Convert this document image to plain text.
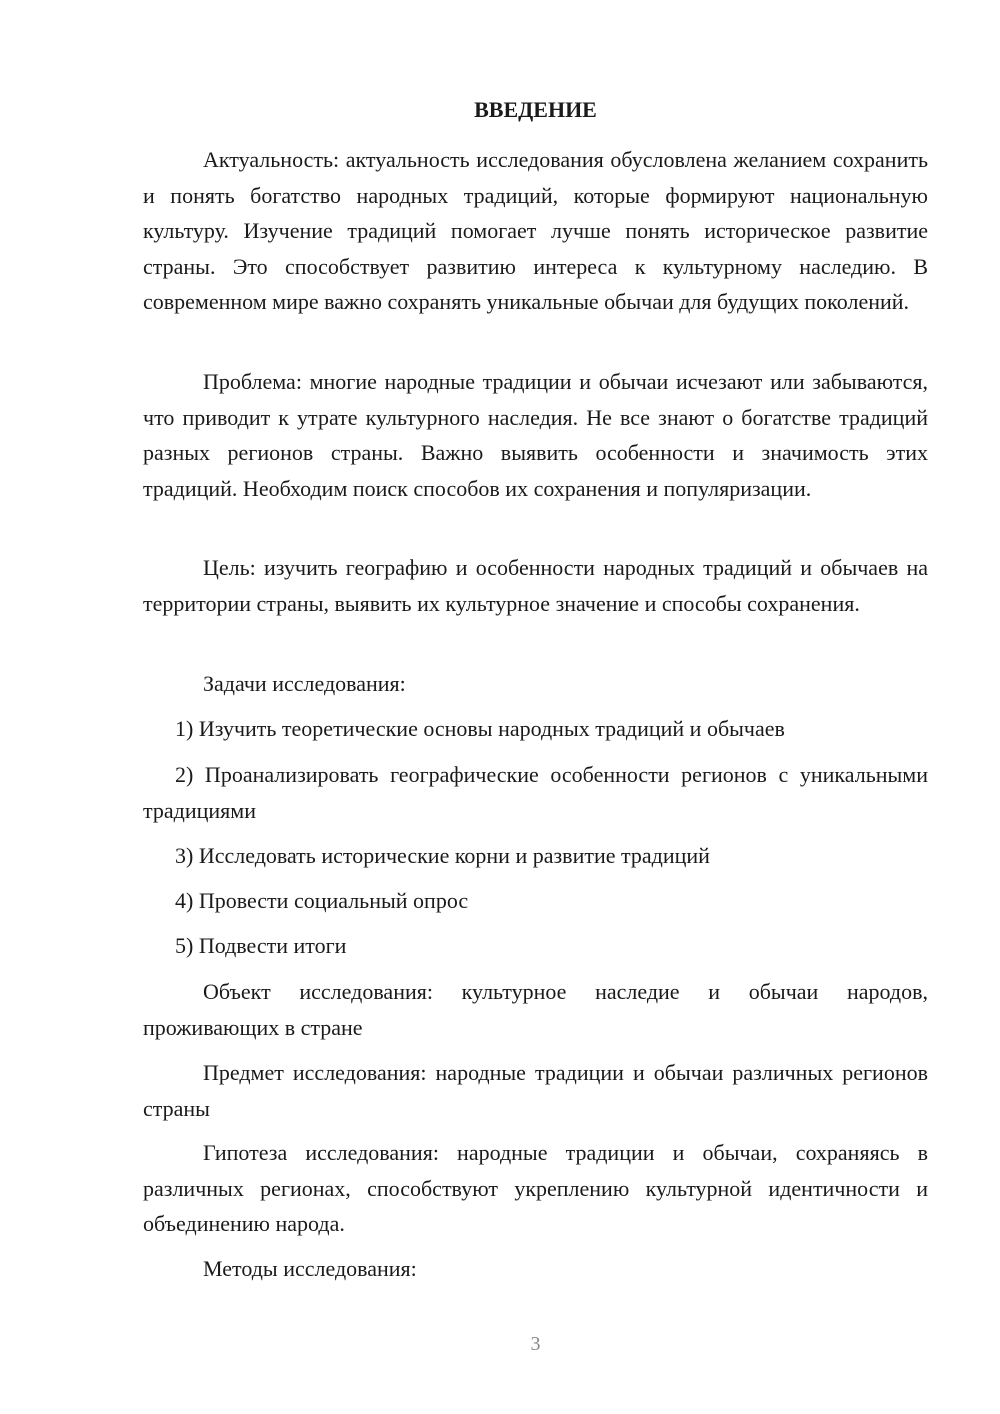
ВВЕДЕНИЕ

Актуальность: актуальность исследования обусловлена желанием сохранить и понять богатство народных традиций, которые формируют национальную культуру. Изучение традиций помогает лучше понять историческое развитие страны. Это способствует развитию интереса к культурному наследию. В современном мире важно сохранять уникальные обычаи для будущих поколений.

Проблема: многие народные традиции и обычаи исчезают или забываются, что приводит к утрате культурного наследия. Не все знают о богатстве традиций разных регионов страны. Важно выявить особенности и значимость этих традиций. Необходим поиск способов их сохранения и популяризации.

Цель: изучить географию и особенности народных традиций и обычаев на территории страны, выявить их культурное значение и способы сохранения.

Задачи исследования:

1) Изучить теоретические основы народных традиций и обычаев

2) Проанализировать географические особенности регионов с уникальными традициями

3) Исследовать исторические корни и развитие традиций

4) Провести социальный опрос

5) Подвести итоги

Объект исследования: культурное наследие и обычаи народов, проживающих в стране

Предмет исследования: народные традиции и обычаи различных регионов страны

Гипотеза исследования: народные традиции и обычаи, сохраняясь в различных регионах, способствуют укреплению культурной идентичности и объединению народа.

Методы исследования:

3
